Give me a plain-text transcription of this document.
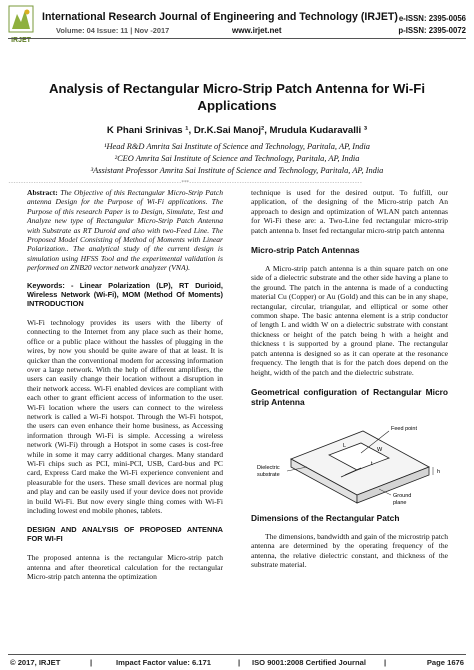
IRJET
International Research Journal of Engineering and Technology (IRJET)
Volume: 04 Issue: 11 | Nov -2017	www.irjet.net
e-ISSN: 2395-0056
p-ISSN: 2395-0072
Analysis of Rectangular Micro-Strip Patch Antenna for Wi-Fi Applications
K Phani Srinivas ¹, Dr.K.Sai Manoj², Mrudula Kudaravalli ³
¹Head R&D Amrita Sai Institute of Science and Technology, Paritala, AP, India
²CEO Amrita Sai Institute of Science and Technology, Paritala, AP, India
³Assistant Professor Amrita Sai Institute of Science and Technology, Paritala, AP, India
---------------------------------------------------------------------***---------------------------------------------------------------------

Abstract: The Objective of this Rectangular Micro-Strip Patch antenna Design for the Purpose of Wi-Fi applications. The Purpose of this research Paper is to Design, Simulate, Test and Analyze new type of Rectangular Micro-Strip Patch Antenna with Substrate as RT Duroid and also with two-Feed Line. The Proposed Model Consisting of Method of Moments with Linear Polarization.. The analytical study of the current design is simulation using HFSS Tool and the experimental validation is performed on ZNB20 vector network analyzer (VNA).

Keywords: - Linear Polarization (LP), RT Durioid, Wireless Network (Wi-Fi), MOM (Method Of Moments) INTRODUCTION

Wi-Fi technology provides its users with the liberty of connecting to the Internet from any place such as their home, office or a public place without the hassles of plugging in the wires, by now you should be quite aware of that at least. It is quicker than the conventional modem for accessing information over a large network. With the help of different amplifiers, the users can easily change their location without a disruption in their network access. Wi-Fi enabled devices are compliant with each other to grant efficient access of information to the user. Wi-Fi location where the users can connect to the wireless network is called a Wi-Fi hotspot. Through the Wi-Fi hotspot, the users can even enhance their home business, as Accessing information through Wi-Fi is simple. Accessing a wireless network (Wi-Fi) through a Hotspot in some cases is cost-free while in some it may carry additional charges. Many standard Wi-Fi chips such as PCI, mini-PCI, USB, Card-bus and PC card, Express Card make the Wi-Fi experience convenient and pleasurable for the users. These small devices are normal plug and play and can be easily used if your device does not provide in build Wi-Fi. But now every single thing comes with Wi-Fi including lowest end mobile phones, tablets.

DESIGN AND ANALYSIS OF PROPOSED ANTENNA FOR WI-FI

The proposed antenna is the rectangular Micro-strip patch antenna and after theoretical calculation for the rectangular Micro-strip patch antenna the optimization

technique is used for the desired output. To fulfill, our application, of the designing of the Micro-strip patch An approach to design and optimization of WLAN patch antennas for Wi-Fi these are: a. Two-Line fed rectangular micro-strip patch antenna b. Inset fed rectangular micro-strip patch antenna

Micro-strip Patch Antennas

A Micro-strip patch antenna is a thin square patch on one side of a dielectric substrate and the other side having a plane to the ground. The patch in the antenna is made of a conducting material Cu (Copper) or Au (Gold) and this can be in any shape, rectangular, circular, triangular, and elliptical or some other common shape. The basic antenna element is a strip conductor of length L and width W on a dielectric substrate with constant thickness or height of the patch being h with a height and thickness t is supported by a ground plane. The rectangular patch antenna is designed so as it can operate at the resonance frequency. The length that is for the patch does depend on the height, width of the patch and the dielectric substrate.

Geometrical configuration of Rectangular Micro strip Antenna

Feed point
L
W
t
h
Dielectric substrate
Ground plane

Dimensions of the Rectangular Patch

The dimensions, bandwidth and gain of the microstrip patch antenna are determined by the operating frequency of the antenna, the relative dielectric constant, and thickness of the substrate material.

© 2017, IRJET	|	Impact Factor value: 6.171	| ISO 9001:2008 Certified Journal |	Page 1676
